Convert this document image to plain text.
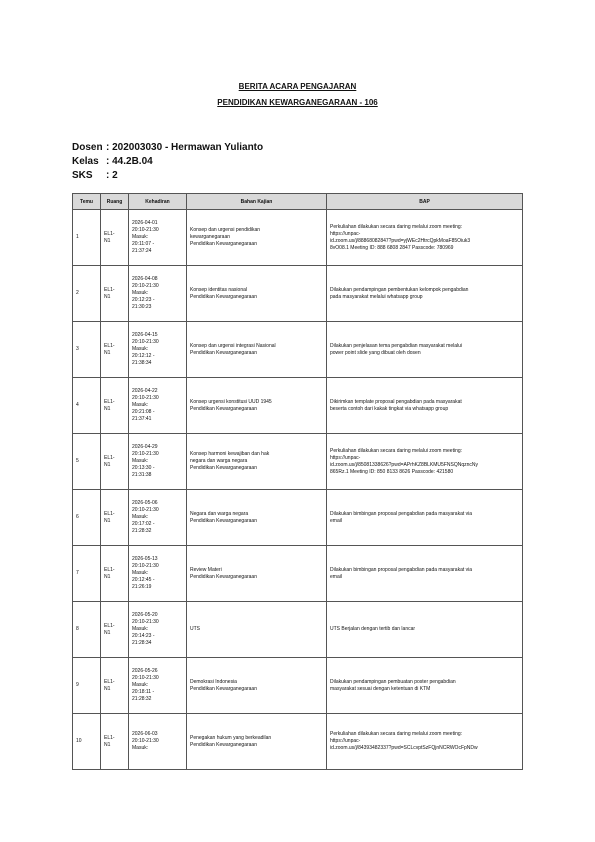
BERITA ACARA PENGAJARAN
PENDIDIKAN KEWARGANEGARAAN - 106
Dosen : 202003030 - Hermawan Yulianto
Kelas : 44.2B.04
SKS	: 2
Temu	Ruang	Kehadiran	Bahan Kajian	BAP
1	EL1-
N1	2026-04-01
20:10-21:30
Masuk:
20:11:07 -
21:37:24	Konsep dan urgensi pendidikan
kewarganegaraan
Pendidikan Kewarganegaraan	Perkuliahan dilakukan secara daring melalui zoom meeting:
https://unpac-
id.zoom.us/j/88868082847?pwd=yjWEc2HtrcQpkMoaF85Oiuk3
8vO08.1 Meeting ID: 888 6808 2847 Passcode: 780969
2	EL1-
N1	2026-04-08
20:10-21:30
Masuk:
20:12:23 -
21:30:23	Konsep identitas nasional
Pendidikan Kewarganegaraan	Dilakukan pendampingan pembentukan kelompok pengabdian
pada masyarakat melalui whatsapp group
3	EL1-
N1	2026-04-15
20:10-21:30
Masuk:
20:12:12 -
21:38:34	Konsep dan urgensi integrasi Nasional
Pendidikan Kewarganegaraan	Dilakukan penjelasan tema pengabdian masyarakat melalui
power point slide yang dibuat oleh dosen
4	EL1-
N1	2026-04-22
20:10-21:30
Masuk:
20:21:08 -
21:37:41	Konsep urgensi konstitusi UUD 1945
Pendidikan Kewarganegaraan	Dikirimkan template proposal pengabdian pada masyarakat
beserta contoh dari kakak tingkat via whatsapp group
5	EL1-
N1	2026-04-29
20:10-21:30
Masuk:
20:13:30 -
21:31:38	Konsep harmoni kewajiban dan hak
negara dan warga negara
Pendidikan Kewarganegaraan	Perkuliahan dilakukan secara daring melalui zoom meeting:
https://unpac-
id.zoom.us/j/85081338626?pwd=APrhKZ8BLKMU5FNSQNqzncNy
865Rz.1 Meeting ID: 850 8133 8626 Passcode: 421580
6	EL1-
N1	2026-05-06
20:10-21:30
Masuk:
20:17:02 -
21:28:32	Negara dan warga negara
Pendidikan Kewarganegaraan	Dilakukan bimbingan proposal pengabdian pada masyarakat via
email
7	EL1-
N1	2026-05-13
20:10-21:30
Masuk:
20:12:45 -
21:26:19	Review Materi
Pendidikan Kewarganegaraan	Dilakukan bimbingan proposal pengabdian pada masyarakat via
email
8	EL1-
N1	2026-05-20
20:10-21:30
Masuk:
20:14:23 -
21:28:34	UTS	UTS Berjalan dengan tertib dan lancar
9	EL1-
N1	2026-05-26
20:10-21:30
Masuk:
20:18:11 -
21:28:32	Demokrasi Indonesia
Pendidikan Kewarganegaraan	Dilakukan pendampingan pembuatan poster pengabdian
masyarakat sesuai dengan ketentuan di KTM
10	EL1-
N1	2026-06-03
20:10-21:30
Masuk:	Penegakan hukum yang berkeadilan
Pendidikan Kewarganegaraan	Perkuliahan dilakukan secara daring melalui zoom meeting:
https://unpac-
id.zoom.us/j/84393482337?pwd=SCLcvptSzFQjnNCRWOcFpNDw
